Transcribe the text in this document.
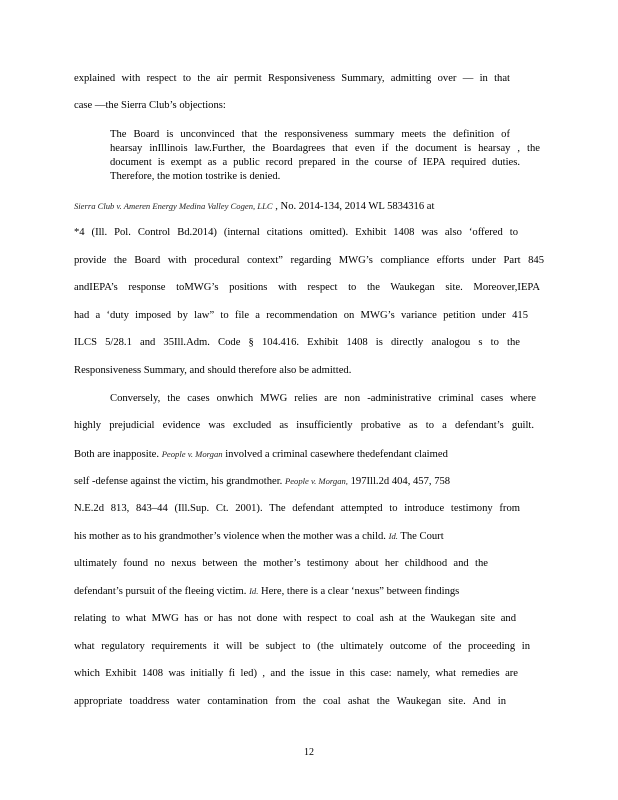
explained with respect to the air permit Responsiveness Summary, admitting over — in that
case —the Sierra Club’s objections:
The Board is unconvinced that the responsiveness summary meets the definition of
hearsay inIllinois law.Further, the Boardagrees that even if the document is hearsay , the
document is exempt as a public record prepared in the course of IEPA required duties.
Therefore, the motion tostrike is denied.
Sierra Club v. Ameren Energy Medina Valley Cogen, LLC , No. 2014-134, 2014 WL 5834316 at
*4 (Ill. Pol. Control Bd.2014) (internal citations omitted). Exhibit 1408 was also ‘offered to
provide the Board with procedural context” regarding MWG’s compliance efforts under Part 845
andIEPA’s response toMWG’s positions with respect to the Waukegan site. Moreover,IEPA
had a ‘duty imposed by law” to file a recommendation on MWG’s variance petition under 415
ILCS 5/28.1 and 35Ill.Adm. Code § 104.416. Exhibit 1408 is directly analogou s to the
Responsiveness Summary, and should therefore also be admitted.
Conversely, the cases onwhich MWG relies are non -administrative criminal cases where
highly prejudicial evidence was excluded as insufficiently probative as to a defendant’s guilt.
Both are inapposite. People v. Morgan involved a criminal casewhere thedefendant claimed
self -defense against the victim, his grandmother. People v. Morgan, 197Ill.2d 404, 457, 758
N.E.2d 813, 843–44 (Ill.Sup. Ct. 2001). The defendant attempted to introduce testimony from
his mother as to his grandmother’s violence when the mother was a child. Id. The Court
ultimately found no nexus between the mother’s testimony about her childhood and the
defendant’s pursuit of the fleeing victim. Id. Here, there is a clear ‘nexus” between findings
relating to what MWG has or has not done with respect to coal ash at the Waukegan site and
what regulatory requirements it will be subject to (the ultimately outcome of the proceeding in
which Exhibit 1408 was initially fi led) , and the issue in this case: namely, what remedies are
appropriate toaddress water contamination from the coal ashat the Waukegan site. And in
12
